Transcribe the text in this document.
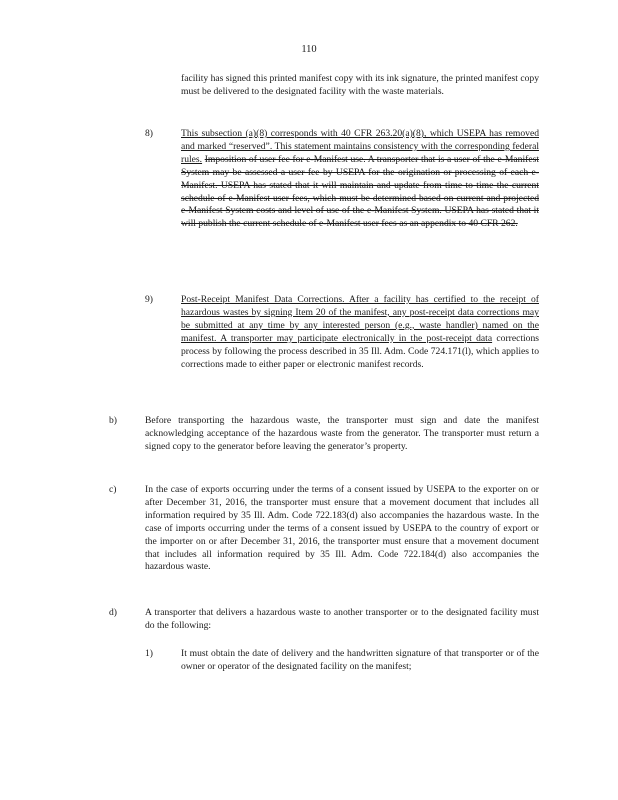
110

facility has signed this printed manifest copy with its ink signature, the printed manifest copy must be delivered to the designated facility with the waste materials.

8)	This subsection (a)(8) corresponds with 40 CFR 263.20(a)(8), which USEPA has removed and marked “reserved”. This statement maintains consistency with the corresponding federal rules. Imposition of user fee for e-Manifest use. A transporter that is a user of the e-Manifest System may be assessed a user fee by USEPA for the origination or processing of each e-Manifest. USEPA has stated that it will maintain and update from time to time the current schedule of e-Manifest user fees, which must be determined based on current and projected e-Manifest System costs and level of use of the e-Manifest System. USEPA has stated that it will publish the current schedule of e-Manifest user fees as an appendix to 40 CFR 262.

9)	Post-Receipt Manifest Data Corrections. After a facility has certified to the receipt of hazardous wastes by signing Item 20 of the manifest, any post-receipt data corrections may be submitted at any time by any interested person (e.g., waste handler) named on the manifest. A transporter may participate electronically in the post-receipt data corrections process by following the process described in 35 Ill. Adm. Code 724.171(l), which applies to corrections made to either paper or electronic manifest records.

b)	Before transporting the hazardous waste, the transporter must sign and date the manifest acknowledging acceptance of the hazardous waste from the generator. The transporter must return a signed copy to the generator before leaving the generator’s property.

c)	In the case of exports occurring under the terms of a consent issued by USEPA to the exporter on or after December 31, 2016, the transporter must ensure that a movement document that includes all information required by 35 Ill. Adm. Code 722.183(d) also accompanies the hazardous waste. In the case of imports occurring under the terms of a consent issued by USEPA to the country of export or the importer on or after December 31, 2016, the transporter must ensure that a movement document that includes all information required by 35 Ill. Adm. Code 722.184(d) also accompanies the hazardous waste.

d)	A transporter that delivers a hazardous waste to another transporter or to the designated facility must do the following:

1)	It must obtain the date of delivery and the handwritten signature of that transporter or of the owner or operator of the designated facility on the manifest;
